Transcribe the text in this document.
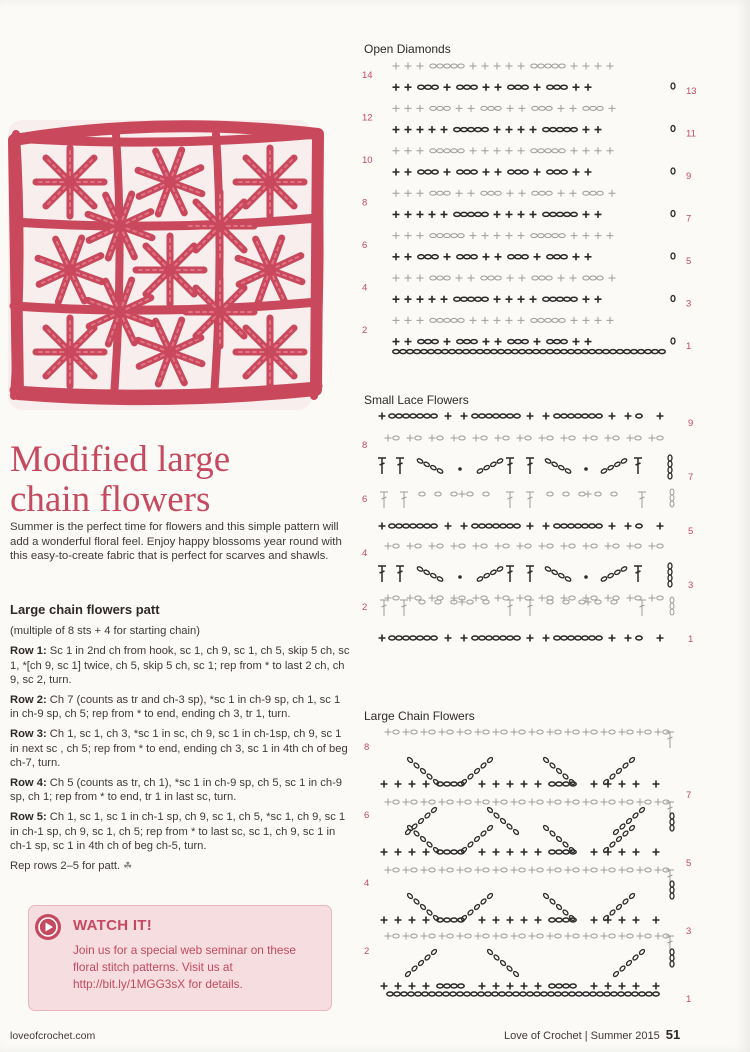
Modified large
chain flowers

Summer is the perfect time for flowers and this simple pattern will add a wonderful floral feel. Enjoy happy blossoms year round with this easy-to-create fabric that is perfect for scarves and shawls.

Large chain flowers patt

(multiple of 8 sts + 4 for starting chain)

Row 1: Sc 1 in 2nd ch from hook, sc 1, ch 9, sc 1, ch 5, skip 5 ch, sc 1, *[ch 9, sc 1] twice, ch 5, skip 5 ch, sc 1; rep from * to last 2 ch, ch 9, sc 2, turn.

Row 2: Ch 7 (counts as tr and ch-3 sp), *sc 1 in ch-9 sp, ch 1, sc 1 in ch-9 sp, ch 5; rep from * to end, ending ch 3, tr 1, turn.

Row 3: Ch 1, sc 1, ch 3, *sc 1 in sc, ch 9, sc 1 in ch-1sp, ch 9, sc 1 in next sc , ch 5; rep from * to end, ending ch 3, sc 1 in 4th ch of beg ch-7, turn.

Row 4: Ch 5 (counts as tr, ch 1), *sc 1 in ch-9 sp, ch 5, sc 1 in ch-9 sp, ch 1; rep from * to end, tr 1 in last sc, turn.

Row 5: Ch 1, sc 1, sc 1 in ch-1 sp, ch 9, sc 1, ch 5, *sc 1, ch 9, sc 1 in ch-1 sp, ch 9, sc 1, ch 5; rep from * to last sc, sc 1, ch 9, sc 1 in ch-1 sp, sc 1 in 4th ch of beg ch-5, turn.

Rep rows 2–5 for patt. ☘

WATCH IT!

Join us for a special web seminar on these floral stitch patterns. Visit us at http://bit.ly/1MGG3sX for details.

loveofcrochet.com	Love of Crochet | Summer 2015 51

Open Diamonds

14
12
10
8
6
4
2
13
11
9
7
5
3
1

Small Lace Flowers

8
6
4
2
9
7
5
3
1

Large Chain Flowers

8
6
4
2
7
5
3
1
